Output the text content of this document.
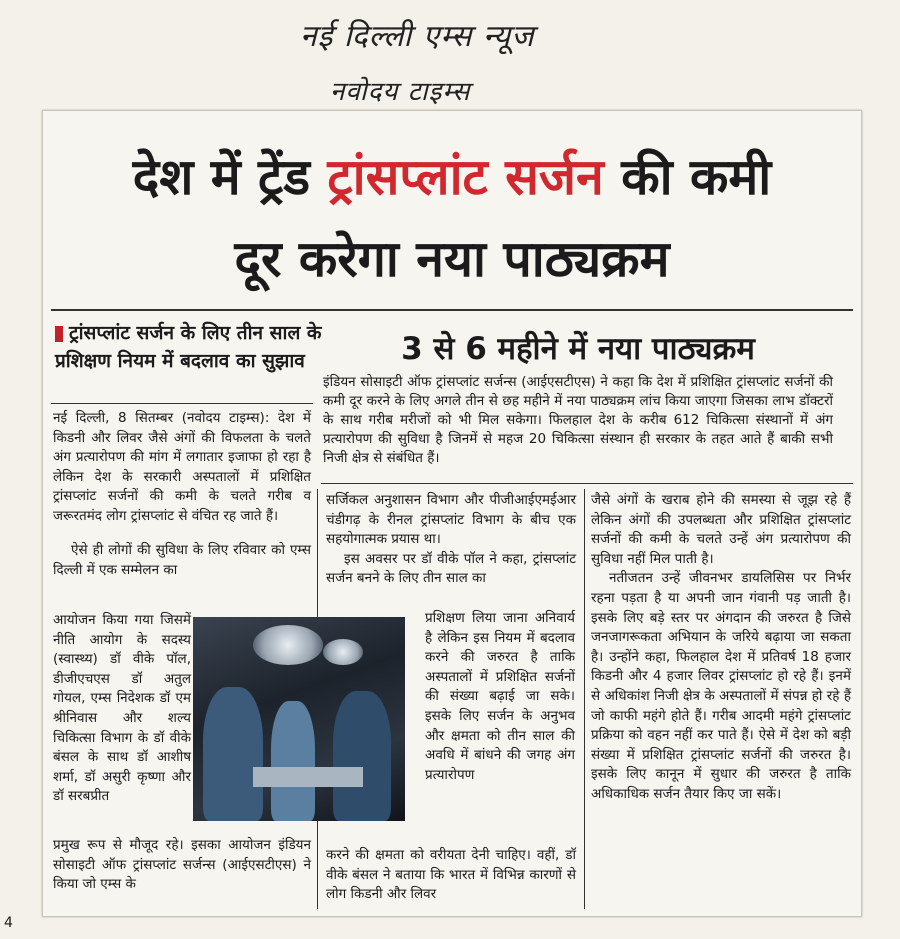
नई दिल्ली एम्स न्यूज
नवोदय टाइम्स
देश में ट्रेंड ट्रांसप्लांट सर्जन की कमी
दूर करेगा नया पाठ्यक्रम
ट्रांसप्लांट सर्जन के लिए तीन साल के प्रशिक्षण नियम में बदलाव का सुझाव	3 से 6 महीने में नया पाठ्यक्रम
इंडियन सोसाइटी ऑफ ट्रांसप्लांट सर्जन्स (आईएसटीएस) ने कहा कि देश में प्रशिक्षित ट्रांसप्लांट सर्जनों की कमी दूर करने के लिए अगले तीन से छह महीने में नया पाठ्यक्रम लांच किया जाएगा जिसका लाभ डॉक्टरों के साथ गरीब मरीजों को भी मिल सकेगा। फिलहाल देश के करीब 612 चिकित्सा संस्थानों में अंग प्रत्यारोपण की सुविधा है जिनमें से महज 20 चिकित्सा संस्थान ही सरकार के तहत आते हैं बाकी सभी निजी क्षेत्र से संबंधित हैं।

नई दिल्ली, 8 सितम्बर (नवोदय टाइम्स): देश में किडनी और लिवर जैसे अंगों की विफलता के चलते अंग प्रत्यारोपण की मांग में लगातार इजाफा हो रहा है लेकिन देश के सरकारी अस्पतालों में प्रशिक्षित ट्रांसप्लांट सर्जनों की कमी के चलते गरीब व जरूरतमंद लोग ट्रांसप्लांट से वंचित रह जाते हैं।

ऐसे ही लोगों की सुविधा के लिए रविवार को एम्स दिल्ली में एक सम्मेलन का

आयोजन किया गया जिसमें नीति आयोग के सदस्य (स्वास्थ्य) डॉ वीके पॉल, डीजीएचएस डॉ अतुल गोयल, एम्स निदेशक डॉ एम श्रीनिवास और शल्य चिकित्सा विभाग के डॉ वीके बंसल के साथ डॉ आशीष शर्मा, डॉ असुरी कृष्णा और डॉ सरबप्रीत

प्रमुख रूप से मौजूद रहे। इसका आयोजन इंडियन सोसाइटी ऑफ ट्रांसप्लांट सर्जन्स (आईएसटीएस) ने किया जो एम्स के

सर्जिकल अनुशासन विभाग और पीजीआईएमईआर चंडीगढ़ के रीनल ट्रांसप्लांट विभाग के बीच एक सहयोगात्मक प्रयास था।

इस अवसर पर डॉ वीके पॉल ने कहा, ट्रांसप्लांट सर्जन बनने के लिए तीन साल का

प्रशिक्षण लिया जाना अनिवार्य है लेकिन इस नियम में बदलाव करने की जरुरत है ताकि अस्पतालों में प्रशिक्षित सर्जनों की संख्या बढ़ाई जा सके। इसके लिए सर्जन के अनुभव और क्षमता को तीन साल की अवधि में बांधने की जगह अंग प्रत्यारोपण

करने की क्षमता को वरीयता देनी चाहिए। वहीं, डॉ वीके बंसल ने बताया कि भारत में विभिन्न कारणों से लोग किडनी और लिवर

जैसे अंगों के खराब होने की समस्या से जूझ रहे हैं लेकिन अंगों की उपलब्धता और प्रशिक्षित ट्रांसप्लांट सर्जनों की कमी के चलते उन्हें अंग प्रत्यारोपण की सुविधा नहीं मिल पाती है।

नतीजतन उन्हें जीवनभर डायलिसिस पर निर्भर रहना पड़ता है या अपनी जान गंवानी पड़ जाती है। इसके लिए बड़े स्तर पर अंगदान की जरुरत है जिसे जनजागरूकता अभियान के जरिये बढ़ाया जा सकता है। उन्होंने कहा, फिलहाल देश में प्रतिवर्ष 18 हजार किडनी और 4 हजार लिवर ट्रांसप्लांट हो रहे हैं। इनमें से अधिकांश निजी क्षेत्र के अस्पतालों में संपन्न हो रहे हैं जो काफी महंगे होते हैं। गरीब आदमी महंगे ट्रांसप्लांट प्रक्रिया को वहन नहीं कर पाते हैं। ऐसे में देश को बड़ी संख्या में प्रशिक्षित ट्रांसप्लांट सर्जनों की जरुरत है। इसके लिए कानून में सुधार की जरुरत है ताकि अधिकाधिक सर्जन तैयार किए जा सकें।

4
